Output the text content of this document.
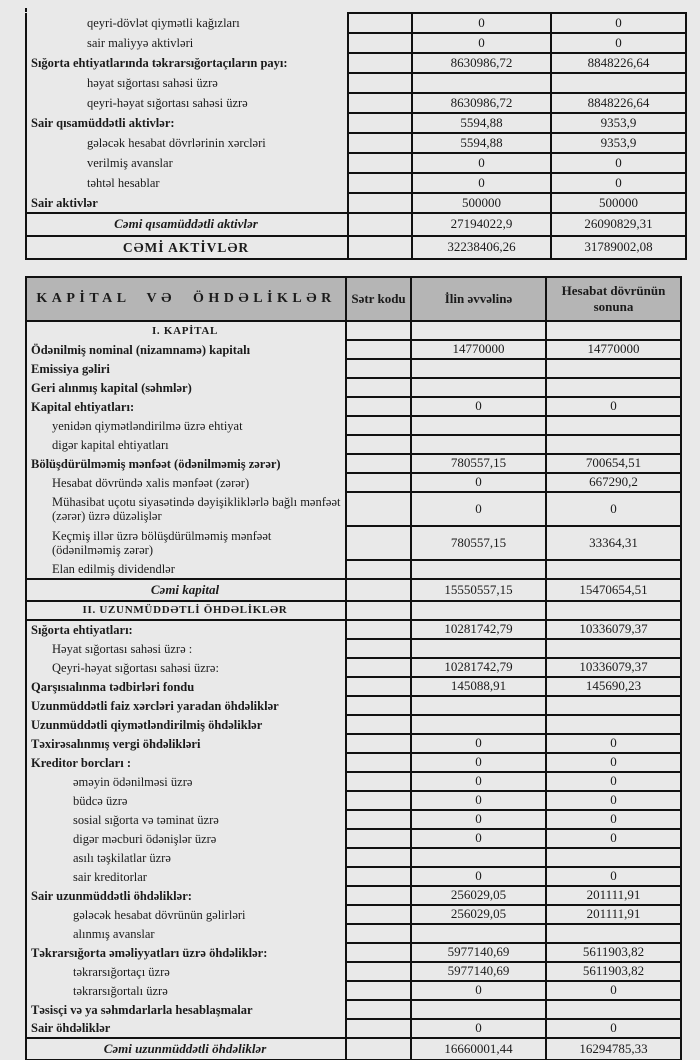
qeyri-dövlət qiymətli kağızları		0	0
sair maliyyə aktivləri		0	0
Sığorta ehtiyatlarında təkrarsığortaçıların payı:		8630986,72	8848226,64
həyat sığortası sahəsi üzrə			
qeyri-həyat sığortası sahəsi üzrə		8630986,72	8848226,64
Sair qısamüddətli aktivlər:		5594,88	9353,9
gələcək hesabat dövrlərinin xərcləri		5594,88	9353,9
verilmiş avanslar		0	0
təhtəl hesablar		0	0
Sair aktivlər		500000	500000
Cəmi qısamüddətli aktivlər		27194022,9	26090829,31
CƏMİ AKTİVLƏR		32238406,26	31789002,08
KAPİTAL VƏ ÖHDƏLİKLƏR	Sətr kodu	İlin əvvəlinə	Hesabat dövrünün sonuna
I. KAPİTAL			
Ödənilmiş nominal (nizamnamə) kapitalı		14770000	14770000
Emissiya gəliri			
Geri alınmış kapital (səhmlər)			
Kapital ehtiyatları:		0	0
yenidən qiymətləndirilmə üzrə ehtiyat			
digər kapital ehtiyatları			
Bölüşdürülməmiş mənfəət (ödənilməmiş zərər)		780557,15	700654,51
Hesabat dövründə xalis mənfəət (zərər)		0	667290,2
Mühasibat uçotu siyasətində dəyişikliklərlə bağlı mənfəət (zərər) üzrə düzəlişlər		0	0
Keçmiş illər üzrə bölüşdürülməmiş mənfəət (ödənilməmiş zərər)		780557,15	33364,31
Elan edilmiş dividendlər			
Cəmi kapital		15550557,15	15470654,51
II. UZUNMÜDDƏTLİ ÖHDƏLİKLƏR			
Sığorta ehtiyatları:		10281742,79	10336079,37
Həyat sığortası sahəsi üzrə :			
Qeyri-həyat sığortası sahəsi üzrə:		10281742,79	10336079,37
Qarşısıalınma tədbirləri fondu		145088,91	145690,23
Uzunmüddətli faiz xərcləri yaradan öhdəliklər			
Uzunmüddətli qiymətləndirilmiş öhdəliklər			
Təxirəsalınmış vergi öhdəlikləri		0	0
Kreditor borcları :		0	0
əməyin ödənilməsi üzrə		0	0
büdcə üzrə		0	0
sosial sığorta və təminat üzrə		0	0
digər məcburi ödənişlər üzrə		0	0
asılı təşkilatlar üzrə			
sair kreditorlar		0	0
Sair uzunmüddətli öhdəliklər:		256029,05	201111,91
gələcək hesabat dövrünün gəlirləri		256029,05	201111,91
alınmış avanslar			
Təkrarsığorta əməliyyatları üzrə öhdəliklər:		5977140,69	5611903,82
təkrarsığortaçı üzrə		5977140,69	5611903,82
təkrarsığortalı üzrə		0	0
Təsisçi və ya səhmdarlarla hesablaşmalar			
Sair öhdəliklər		0	0
Cəmi uzunmüddətli öhdəliklər		16660001,44	16294785,33
